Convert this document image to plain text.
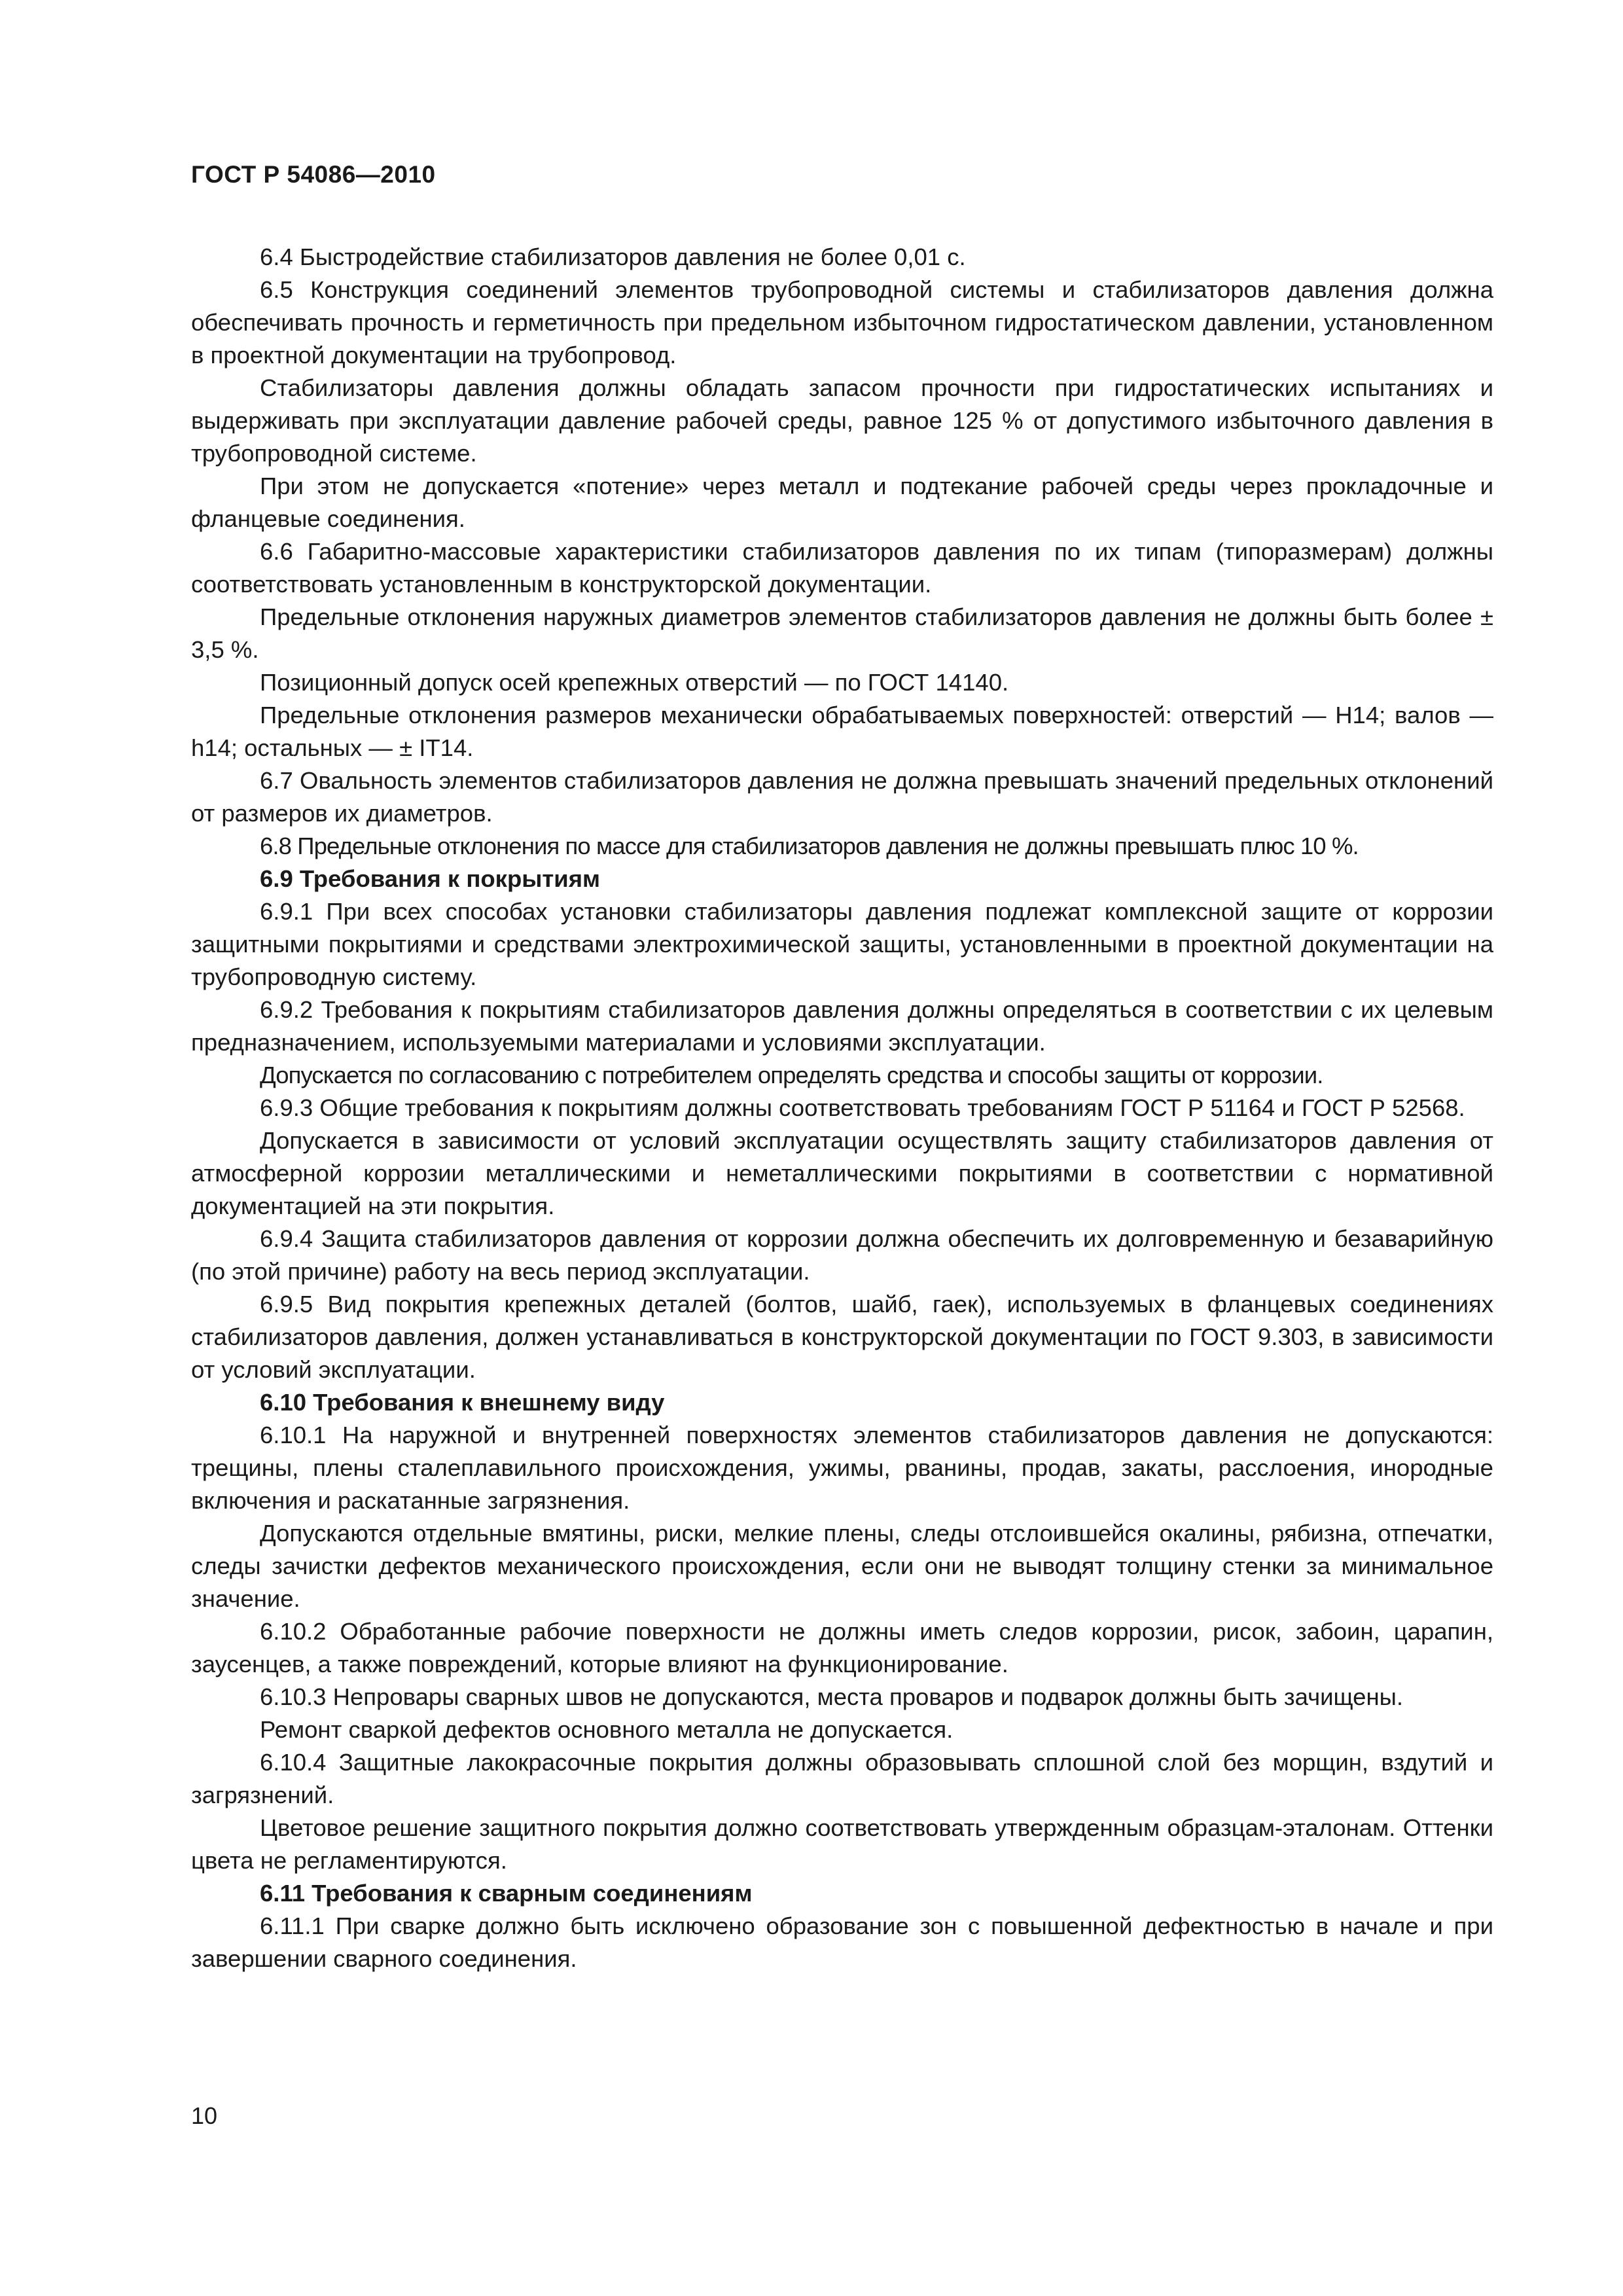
ГОСТ Р 54086—2010

6.4 Быстродействие стабилизаторов давления не более 0,01 с.

6.5 Конструкция соединений элементов трубопроводной системы и стабилизаторов давления должна обеспечивать прочность и герметичность при предельном избыточном гидростатическом давлении, установленном в проектной документации на трубопровод.

Стабилизаторы давления должны обладать запасом прочности при гидростатических испытаниях и выдерживать при эксплуатации давление рабочей среды, равное 125 % от допустимого избыточного давления в трубопроводной системе.

При этом не допускается «потение» через металл и подтекание рабочей среды через прокладочные и фланцевые соединения.

6.6 Габаритно-массовые характеристики стабилизаторов давления по их типам (типоразмерам) должны соответствовать установленным в конструкторской документации.

Предельные отклонения наружных диаметров элементов стабилизаторов давления не должны быть более ± 3,5 %.

Позиционный допуск осей крепежных отверстий — по ГОСТ 14140.

Предельные отклонения размеров механически обрабатываемых поверхностей: отверстий — Н14; валов — h14; остальных — ± IT14.

6.7 Овальность элементов стабилизаторов давления не должна превышать значений предельных отклонений от размеров их диаметров.

6.8 Предельные отклонения по массе для стабилизаторов давления не должны превышать плюс 10 %.

6.9 Требования к покрытиям

6.9.1 При всех способах установки стабилизаторы давления подлежат комплексной защите от коррозии защитными покрытиями и средствами электрохимической защиты, установленными в проектной документации на трубопроводную систему.

6.9.2 Требования к покрытиям стабилизаторов давления должны определяться в соответствии с их целевым предназначением, используемыми материалами и условиями эксплуатации.

Допускается по согласованию с потребителем определять средства и способы защиты от коррозии.

6.9.3 Общие требования к покрытиям должны соответствовать требованиям ГОСТ Р 51164 и ГОСТ Р 52568.

Допускается в зависимости от условий эксплуатации осуществлять защиту стабилизаторов давления от атмосферной коррозии металлическими и неметаллическими покрытиями в соответствии с нормативной документацией на эти покрытия.

6.9.4 Защита стабилизаторов давления от коррозии должна обеспечить их долговременную и безаварийную (по этой причине) работу на весь период эксплуатации.

6.9.5 Вид покрытия крепежных деталей (болтов, шайб, гаек), используемых в фланцевых соединениях стабилизаторов давления, должен устанавливаться в конструкторской документации по ГОСТ 9.303, в зависимости от условий эксплуатации.

6.10 Требования к внешнему виду

6.10.1 На наружной и внутренней поверхностях элементов стабилизаторов давления не допускаются: трещины, плены сталеплавильного происхождения, ужимы, рванины, продав, закаты, расслоения, инородные включения и раскатанные загрязнения.

Допускаются отдельные вмятины, риски, мелкие плены, следы отслоившейся окалины, рябизна, отпечатки, следы зачистки дефектов механического происхождения, если они не выводят толщину стенки за минимальное значение.

6.10.2 Обработанные рабочие поверхности не должны иметь следов коррозии, рисок, забоин, царапин, заусенцев, а также повреждений, которые влияют на функционирование.

6.10.3 Непровары сварных швов не допускаются, места проваров и подварок должны быть зачищены.

Ремонт сваркой дефектов основного металла не допускается.

6.10.4 Защитные лакокрасочные покрытия должны образовывать сплошной слой без морщин, вздутий и загрязнений.

Цветовое решение защитного покрытия должно соответствовать утвержденным образцам-эталонам. Оттенки цвета не регламентируются.

6.11 Требования к сварным соединениям

6.11.1 При сварке должно быть исключено образование зон с повышенной дефектностью в начале и при завершении сварного соединения.

10
